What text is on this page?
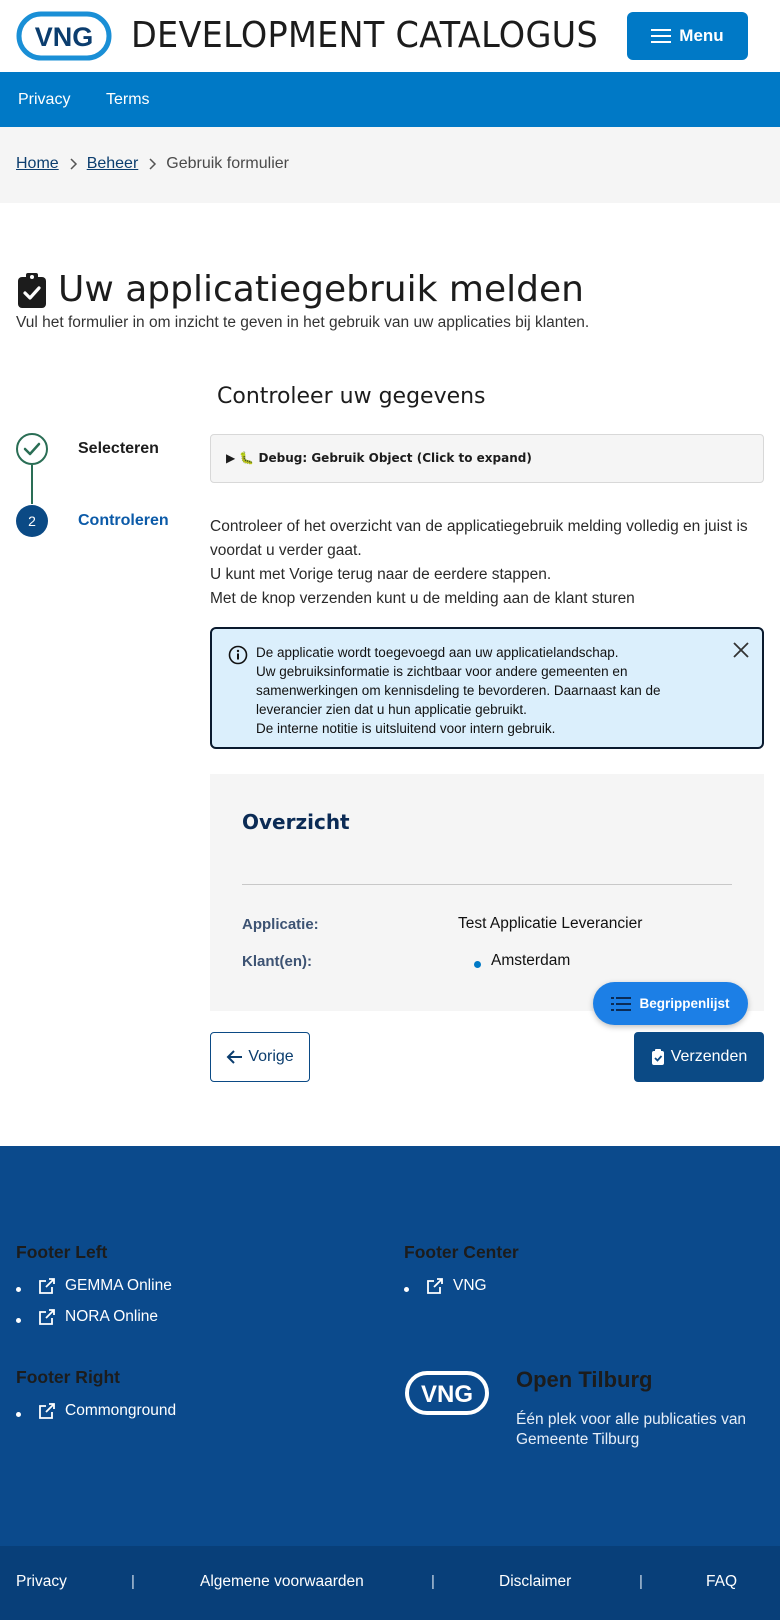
VNG DEVELOPMENT CATALOGUS	Menu
Privacy Terms
Home Beheer Gebruik formulier
Uw applicatiegebruik melden
Vul het formulier in om inzicht te geven in het gebruik van uw applicaties bij klanten.
Selecteren
2	Controleren
Controleer uw gegevens
▶ 🐛 Debug: Gebruik Object (Click to expand)
Controleer of het overzicht van de applicatiegebruik melding volledig en juist is voordat u verder gaat.
U kunt met Vorige terug naar de eerdere stappen.
Met de knop verzenden kunt u de melding aan de klant sturen
De applicatie wordt toegevoegd aan uw applicatielandschap.
Uw gebruiksinformatie is zichtbaar voor andere gemeenten en samenwerkingen om kennisdeling te bevorderen. Daarnaast kan de leverancier zien dat u hun applicatie gebruikt.
De interne notitie is uitsluitend voor intern gebruik.
Overzicht
Applicatie:	Test Applicatie Leverancier
Klant(en):	Amsterdam
Begrippenlijst
Vorige	Verzenden
Footer Left
GEMMA Online
NORA Online
Footer Center
VNG
Footer Right
Commonground
VNG
Open Tilburg
Één plek voor alle publicaties van Gemeente Tilburg
Privacy	|	Algemene voorwaarden	|	Disclaimer	|	FAQ
